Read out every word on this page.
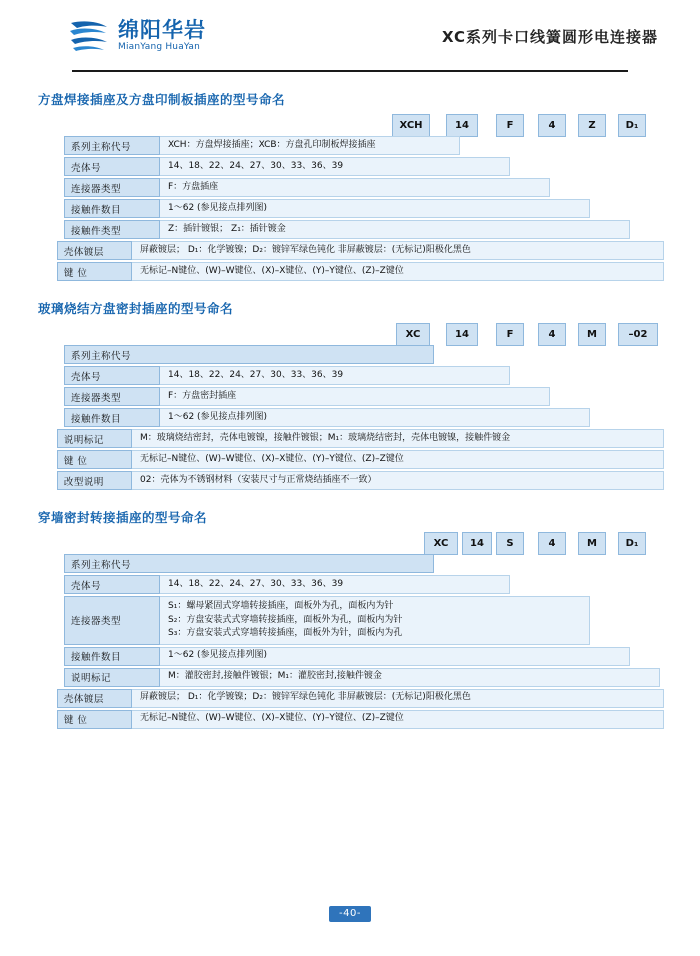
绵阳华岩
MianYang HuaYan
XC系列卡口线簧圆形电连接器
方盘焊接插座及方盘印制板插座的型号命名
XCH	14	F	4	Z	D₁
系列主称代号	XCH：方盘焊接插座；XCB：方盘孔印制板焊接插座
壳体号	14、18、22、24、27、30、33、36、39
连接器类型	F：方盘插座
接触件数目	1～62 (参见接点排列图)
接触件类型	Z：插针镀银； Z₁：插针镀金
壳体镀层	屏蔽镀层； D₁：化学镀镍；D₂：镀锌军绿色钝化 非屏蔽镀层：(无标记)阳极化黑色
键 位	无标记–N键位、(W)–W键位、(X)–X键位、(Y)–Y键位、(Z)–Z键位
玻璃烧结方盘密封插座的型号命名
XC	14	F	4	M	–02
系列主称代号
壳体号	14、18、22、24、27、30、33、36、39
连接器类型	F：方盘密封插座
接触件数目	1～62 (参见接点排列图)
说明标记	M：玻璃烧结密封，壳体电镀镍，接触件镀银；M₁：玻璃烧结密封，壳体电镀镍，接触件镀金
键 位	无标记–N键位、(W)–W键位、(X)–X键位、(Y)–Y键位、(Z)–Z键位
改型说明	02：壳体为不锈钢材料（安装尺寸与正常烧结插座不一致）
穿墙密封转接插座的型号命名
XC	14	S	4	M	D₁
系列主称代号
壳体号	14、18、22、24、27、30、33、36、39
连接器类型
S₁：螺母紧固式穿墙转接插座，面板外为孔，面板内为针
S₂：方盘安装式式穿墙转接插座，面板外为孔，面板内为针
S₃：方盘安装式式穿墙转接插座，面板外为针，面板内为孔
接触件数目	1～62 (参见接点排列图)
说明标记	M：灌胶密封,接触件镀银；M₁：灌胶密封,接触件镀金
壳体镀层	屏蔽镀层； D₁：化学镀镍；D₂：镀锌军绿色钝化 非屏蔽镀层：(无标记)阳极化黑色
键 位	无标记–N键位、(W)–W键位、(X)–X键位、(Y)–Y键位、(Z)–Z键位
-40-
